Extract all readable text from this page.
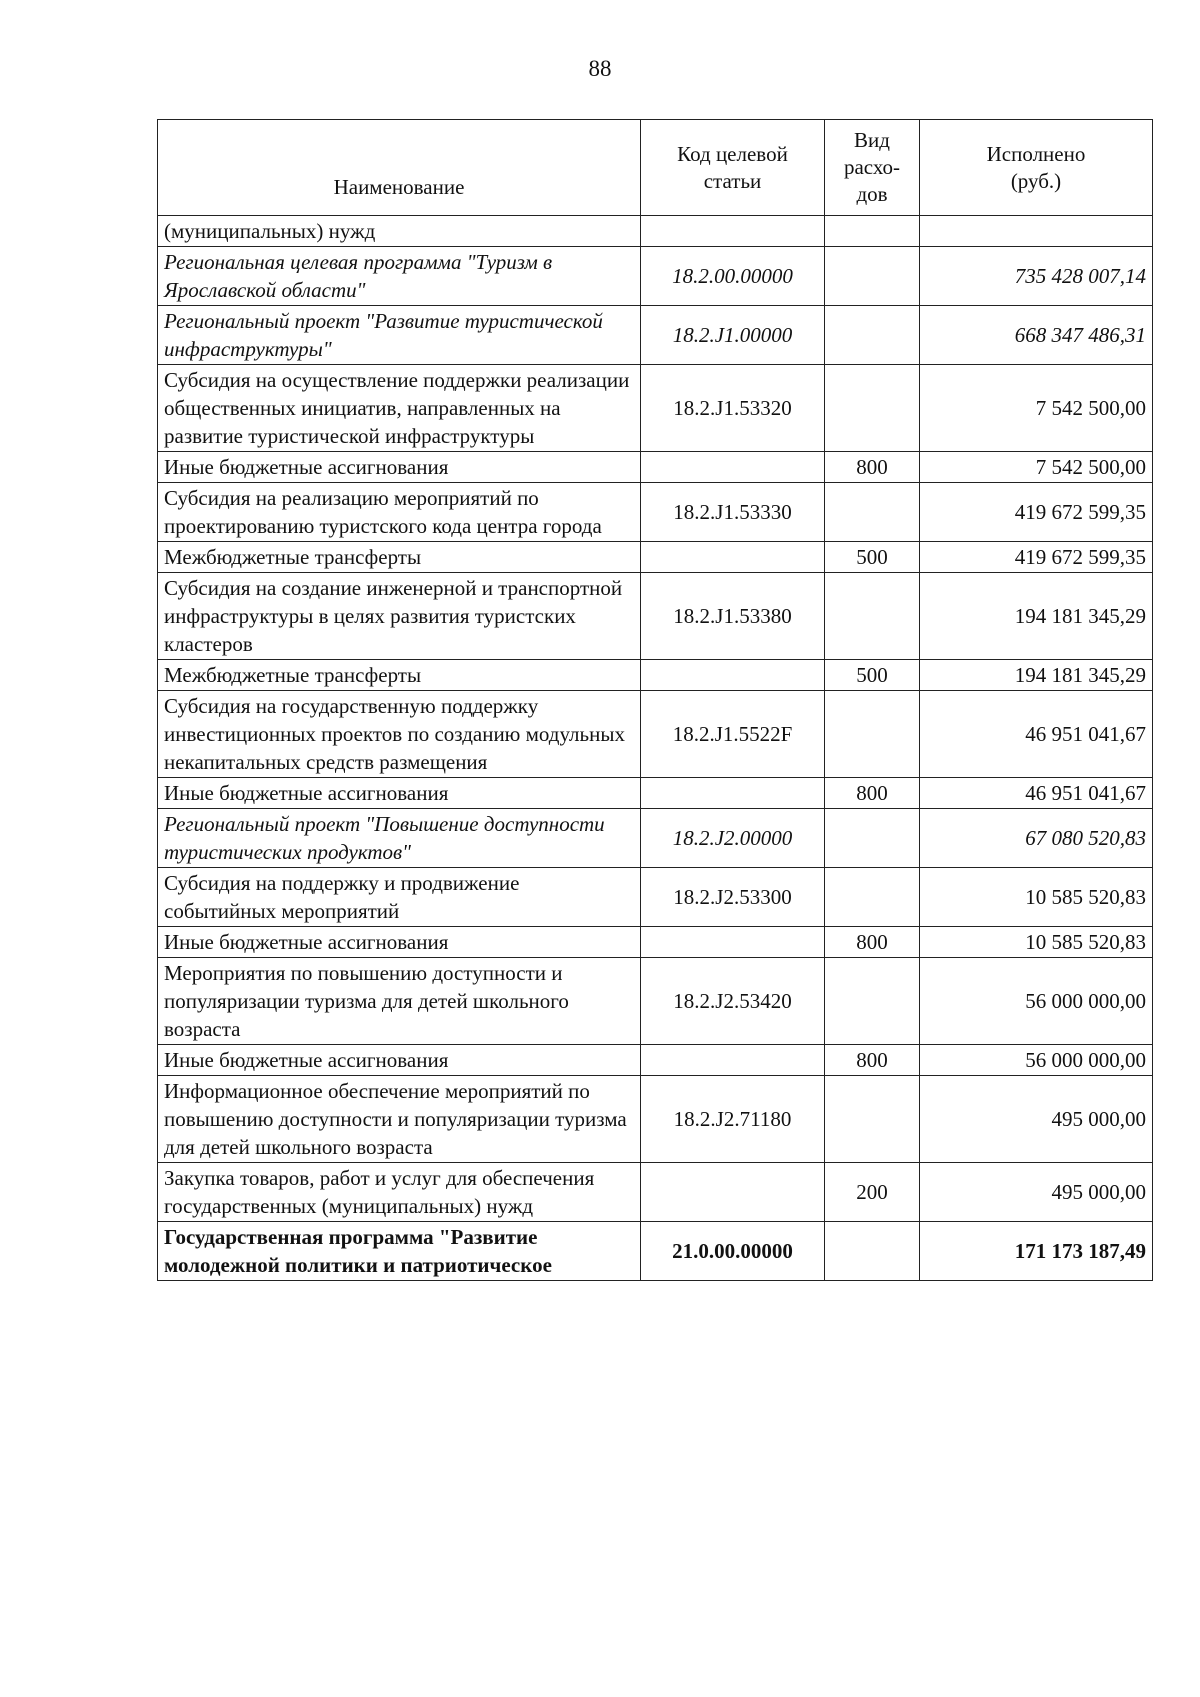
88
Наименование	Код целевой статьи	Вид расхо-дов	Исполнено (руб.)
(муниципальных) нужд			
Региональная целевая программа "Туризм в Ярославской области"	18.2.00.00000		735 428 007,14
Региональный проект "Развитие туристической инфраструктуры"	18.2.J1.00000		668 347 486,31
Субсидия на осуществление поддержки реализации общественных инициатив, направленных на развитие туристической инфраструктуры	18.2.J1.53320		7 542 500,00
Иные бюджетные ассигнования		800	7 542 500,00
Субсидия на реализацию мероприятий по проектированию туристского кода центра города	18.2.J1.53330		419 672 599,35
Межбюджетные трансферты		500	419 672 599,35
Субсидия на создание инженерной и транспортной инфраструктуры в целях развития туристских кластеров	18.2.J1.53380		194 181 345,29
Межбюджетные трансферты		500	194 181 345,29
Субсидия на государственную поддержку инвестиционных проектов по созданию модульных некапитальных средств размещения	18.2.J1.5522F		46 951 041,67
Иные бюджетные ассигнования		800	46 951 041,67
Региональный проект "Повышение доступности туристических продуктов"	18.2.J2.00000		67 080 520,83
Субсидия на поддержку и продвижение событийных мероприятий	18.2.J2.53300		10 585 520,83
Иные бюджетные ассигнования		800	10 585 520,83
Мероприятия по повышению доступности и популяризации туризма для детей школьного возраста	18.2.J2.53420		56 000 000,00
Иные бюджетные ассигнования		800	56 000 000,00
Информационное обеспечение мероприятий по повышению доступности и популяризации туризма для детей школьного возраста	18.2.J2.71180		495 000,00
Закупка товаров, работ и услуг для обеспечения государственных (муниципальных) нужд		200	495 000,00
Государственная программа "Развитие молодежной политики и патриотическое	21.0.00.00000		171 173 187,49
